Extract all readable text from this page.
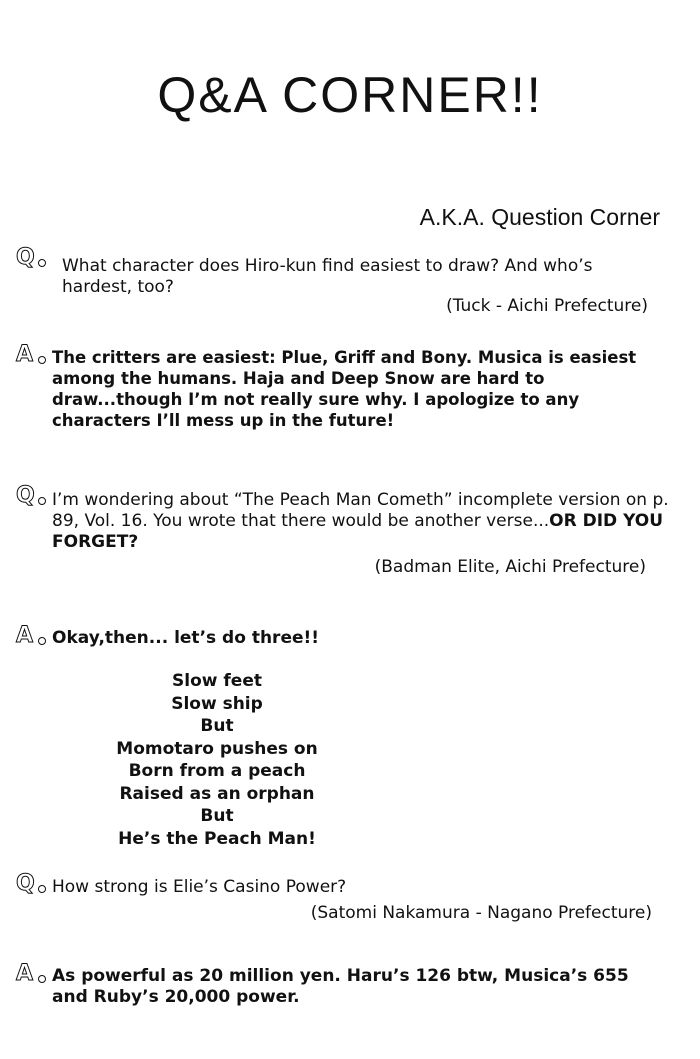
Q&A CORNER!!

A.K.A. Question Corner

Q What character does Hiro-kun find easiest to draw? And who’s hardest, too?

(Tuck - Aichi Prefecture)

A The critters are easiest: Plue, Griff and Bony. Musica is easiest among the humans. Haja and Deep Snow are hard to draw...though I’m not really sure why. I apologize to any characters I’ll mess up in the future!

Q I’m wondering about “The Peach Man Cometh” incomplete version on p. 89, Vol. 16. You wrote that there would be another verse...OR DID YOU FORGET?

(Badman Elite, Aichi Prefecture)

A Okay,then... let’s do three!!

Slow feet
Slow ship
But
Momotaro pushes on
Born from a peach
Raised as an orphan
But
He’s the Peach Man!
Q How strong is Elie’s Casino Power?

(Satomi Nakamura - Nagano Prefecture)

A As powerful as 20 million yen. Haru’s 126 btw, Musica’s 655 and Ruby’s 20,000 power.
